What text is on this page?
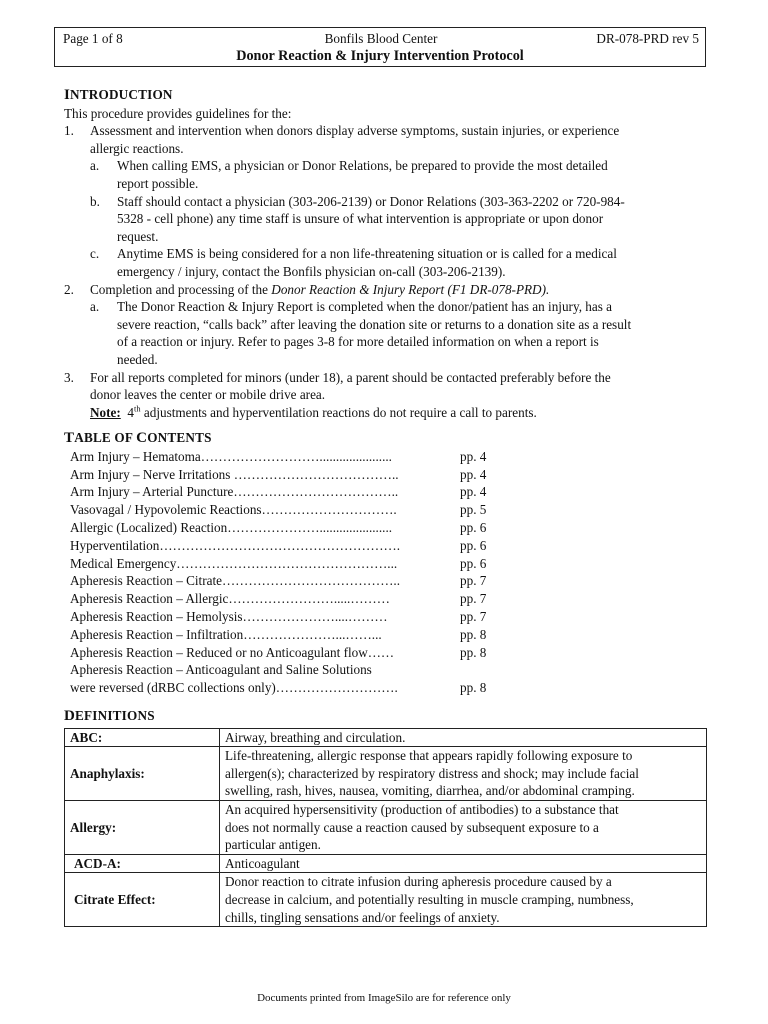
Page 1 of 8	Bonfils Blood Center	DR-078-PRD rev 5
Donor Reaction & Injury Intervention Protocol
INTRODUCTION
This procedure provides guidelines for the:
1. Assessment and intervention when donors display adverse symptoms, sustain injuries, or experience
allergic reactions.
a. When calling EMS, a physician or Donor Relations, be prepared to provide the most detailed
report possible.
b. Staff should contact a physician (303-206-2139) or Donor Relations (303-363-2202 or 720-984-
5328 - cell phone) any time staff is unsure of what intervention is appropriate or upon donor
request.
c. Anytime EMS is being considered for a non life-threatening situation or is called for a medical
emergency / injury, contact the Bonfils physician on-call (303-206-2139).
2. Completion and processing of the Donor Reaction & Injury Report (F1 DR-078-PRD).
a. The Donor Reaction & Injury Report is completed when the donor/patient has an injury, has a
severe reaction, “calls back” after leaving the donation site or returns to a donation site as a result
of a reaction or injury. Refer to pages 3-8 for more detailed information on when a report is
needed.
3. For all reports completed for minors (under 18), a parent should be contacted preferably before the
donor leaves the center or mobile drive area.
Note: 4th adjustments and hyperventilation reactions do not require a call to parents.
TABLE OF CONTENTS
Arm Injury – Hematoma………………………......................	pp. 4
Arm Injury – Nerve Irritations ………………………………..	pp. 4
Arm Injury – Arterial Puncture………………………………..	pp. 4
Vasovagal / Hypovolemic Reactions………………………….	pp. 5
Allergic (Localized) Reaction…………………......................	pp. 6
Hyperventilation……………………………………………….	pp. 6
Medical Emergency…………………………………………...	pp. 6
Apheresis Reaction – Citrate…………………………………..	pp. 7
Apheresis Reaction – Allergic…………………….....………	pp. 7
Apheresis Reaction – Hemolysis…………………....………	pp. 7
Apheresis Reaction – Infiltration…………………...……...	pp. 8
Apheresis Reaction – Reduced or no Anticoagulant flow……	pp. 8
Apheresis Reaction – Anticoagulant and Saline Solutions
were reversed (dRBC collections only)……………………….	pp. 8
DEFINITIONS
ABC:	Airway, breathing and circulation.
Anaphylaxis:	Life-threatening, allergic response that appears rapidly following exposure to
allergen(s); characterized by respiratory distress and shock; may include facial
swelling, rash, hives, nausea, vomiting, diarrhea, and/or abdominal cramping.
Allergy:	An acquired hypersensitivity (production of antibodies) to a substance that
does not normally cause a reaction caused by subsequent exposure to a
particular antigen.
ACD-A:	Anticoagulant
Citrate Effect:	Donor reaction to citrate infusion during apheresis procedure caused by a
decrease in calcium, and potentially resulting in muscle cramping, numbness,
chills, tingling sensations and/or feelings of anxiety.
Documents printed from ImageSilo are for reference only
